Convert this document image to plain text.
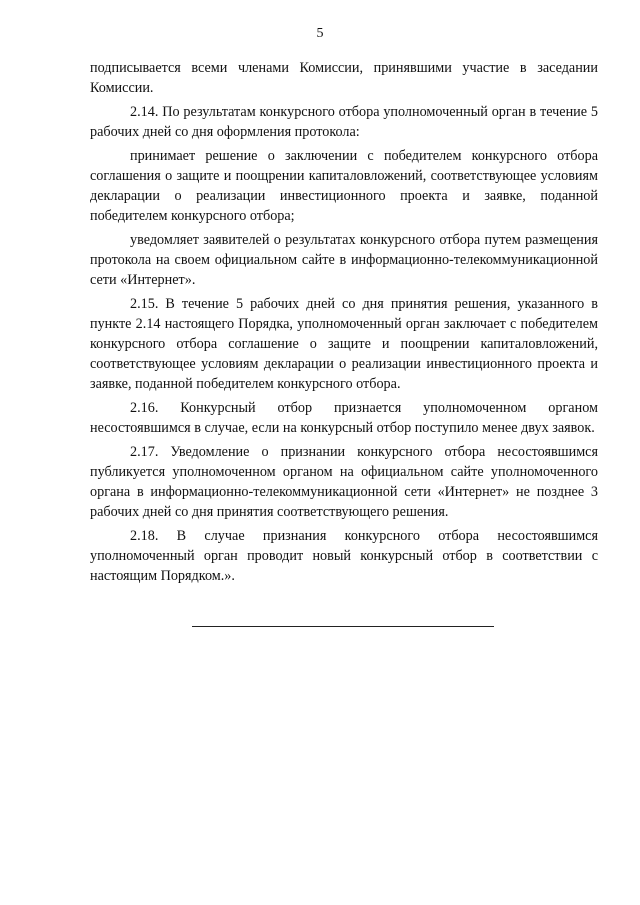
5

подписывается всеми членами Комиссии, принявшими участие в заседании Комиссии.

2.14. По результатам конкурсного отбора уполномоченный орган в течение 5 рабочих дней со дня оформления протокола:

принимает решение о заключении с победителем конкурсного отбора соглашения о защите и поощрении капиталовложений, соответствующее условиям декларации о реализации инвестиционного проекта и заявке, поданной победителем конкурсного отбора;

уведомляет заявителей о результатах конкурсного отбора путем размещения протокола на своем официальном сайте в информационно-телекоммуникационной сети «Интернет».

2.15. В течение 5 рабочих дней со дня принятия решения, указанного в пункте 2.14 настоящего Порядка, уполномоченный орган заключает с победителем конкурсного отбора соглашение о защите и поощрении капиталовложений, соответствующее условиям декларации о реализации инвестиционного проекта и заявке, поданной победителем конкурсного отбора.

2.16. Конкурсный отбор признается уполномоченном органом несостоявшимся в случае, если на конкурсный отбор поступило менее двух заявок.

2.17. Уведомление о признании конкурсного отбора несостоявшимся публикуется уполномоченном органом на официальном сайте уполномоченного органа в информационно-телекоммуникационной сети «Интернет» не позднее 3 рабочих дней со дня принятия соответствующего решения.

2.18. В случае признания конкурсного отбора несостоявшимся уполномоченный орган проводит новый конкурсный отбор в соответствии с настоящим Порядком.».
